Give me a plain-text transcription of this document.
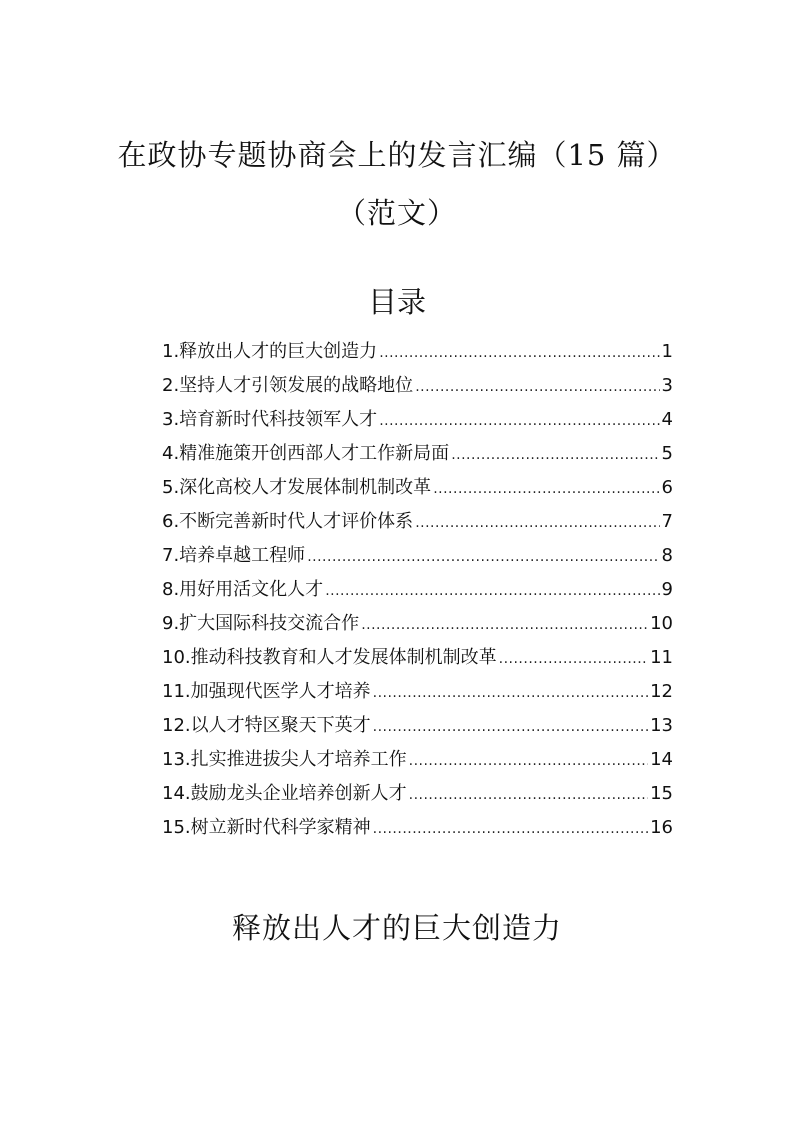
在政协专题协商会上的发言汇编（15 篇）
（范文）
目录
1.释放出人才的巨大创造力 .....	1
2.坚持人才引领发展的战略地位 .....	3
3.培育新时代科技领军人才 .....	4
4.精准施策开创西部人才工作新局面 .....	5
5.深化高校人才发展体制机制改革 .....	6
6.不断完善新时代人才评价体系 .....	7
7.培养卓越工程师 .....	8
8.用好用活文化人才 .....	9
9.扩大国际科技交流合作 .....	10
10.推动科技教育和人才发展体制机制改革 .....	11
11.加强现代医学人才培养 .....	12
12.以人才特区聚天下英才 .....	13
13.扎实推进拔尖人才培养工作 .....	14
14.鼓励龙头企业培养创新人才 .....	15
15.树立新时代科学家精神 .....	16
释放出人才的巨大创造力
